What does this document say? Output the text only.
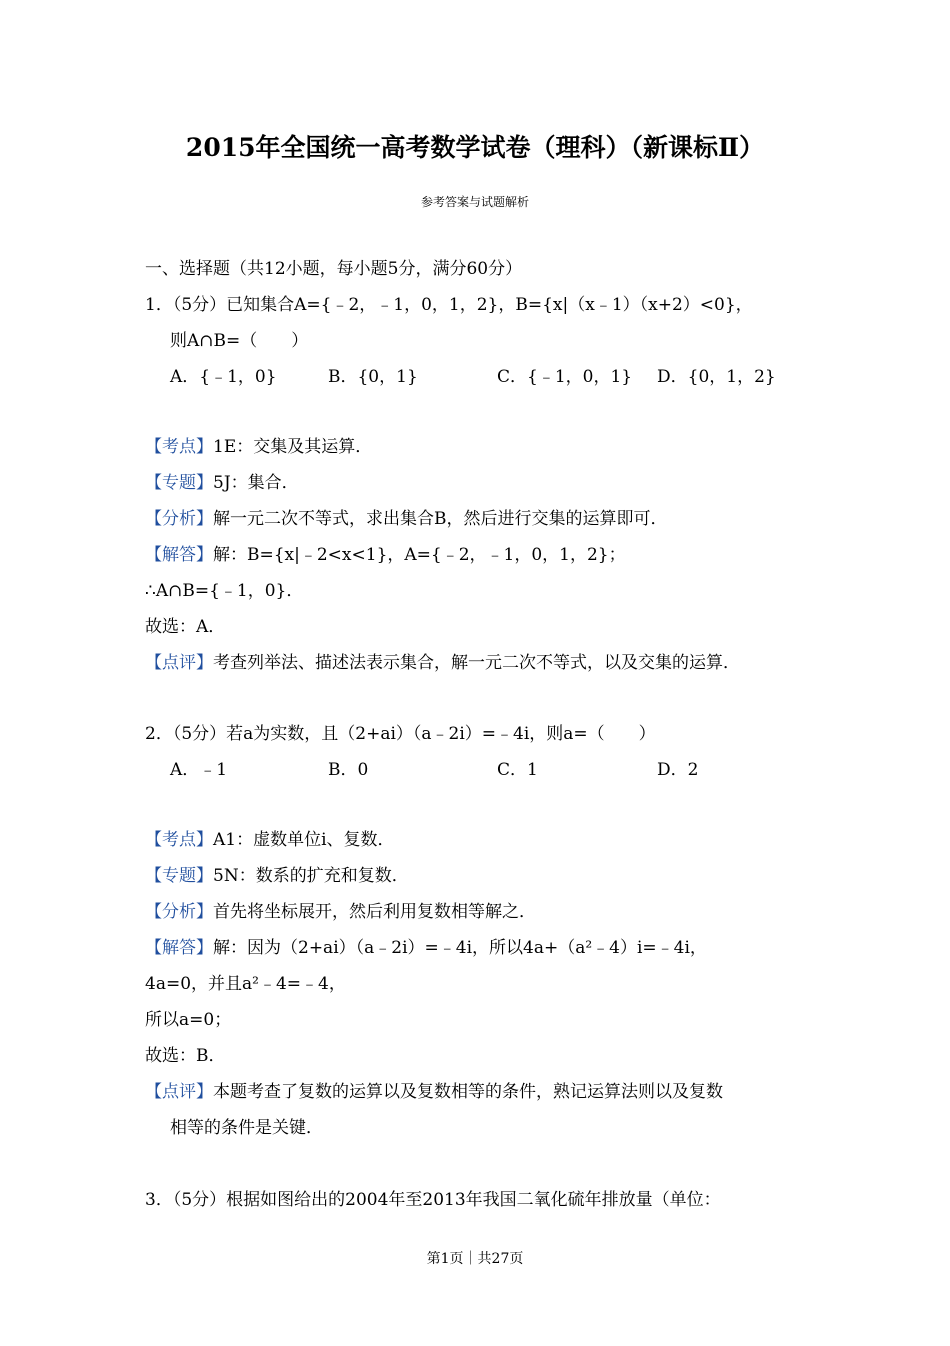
2015年全国统一高考数学试卷（理科）（新课标Ⅱ）
参考答案与试题解析
一、选择题（共12小题，每小题5分，满分60分）
1．（5分）已知集合A={﹣2，﹣1，0，1，2}，B={x|（x﹣1）（x+2）<0}，
则A∩B=（　　）
A．{﹣1，0}	B．{0，1}	C．{﹣1，0，1} D．{0，1，2}
【考点】1E：交集及其运算．
【专题】5J：集合．
【分析】解一元二次不等式，求出集合B，然后进行交集的运算即可．
【解答】解：B={x|﹣2<x<1}，A={﹣2，﹣1，0，1，2}；
∴A∩B={﹣1，0}．
故选：A．
【点评】考查列举法、描述法表示集合，解一元二次不等式，以及交集的运算．
2．（5分）若a为实数，且（2+ai）（a﹣2i）=﹣4i，则a=（　　）
A．﹣1	B．0	C．1	D．2
【考点】A1：虚数单位i、复数．
【专题】5N：数系的扩充和复数．
【分析】首先将坐标展开，然后利用复数相等解之．
【解答】解：因为（2+ai）（a﹣2i）=﹣4i，所以4a+（a²﹣4）i=﹣4i，
4a=0，并且a²﹣4=﹣4，
所以a=0；
故选：B．
【点评】本题考查了复数的运算以及复数相等的条件，熟记运算法则以及复数
相等的条件是关键．
3．（5分）根据如图给出的2004年至2013年我国二氧化硫年排放量（单位：
第1页｜共27页
